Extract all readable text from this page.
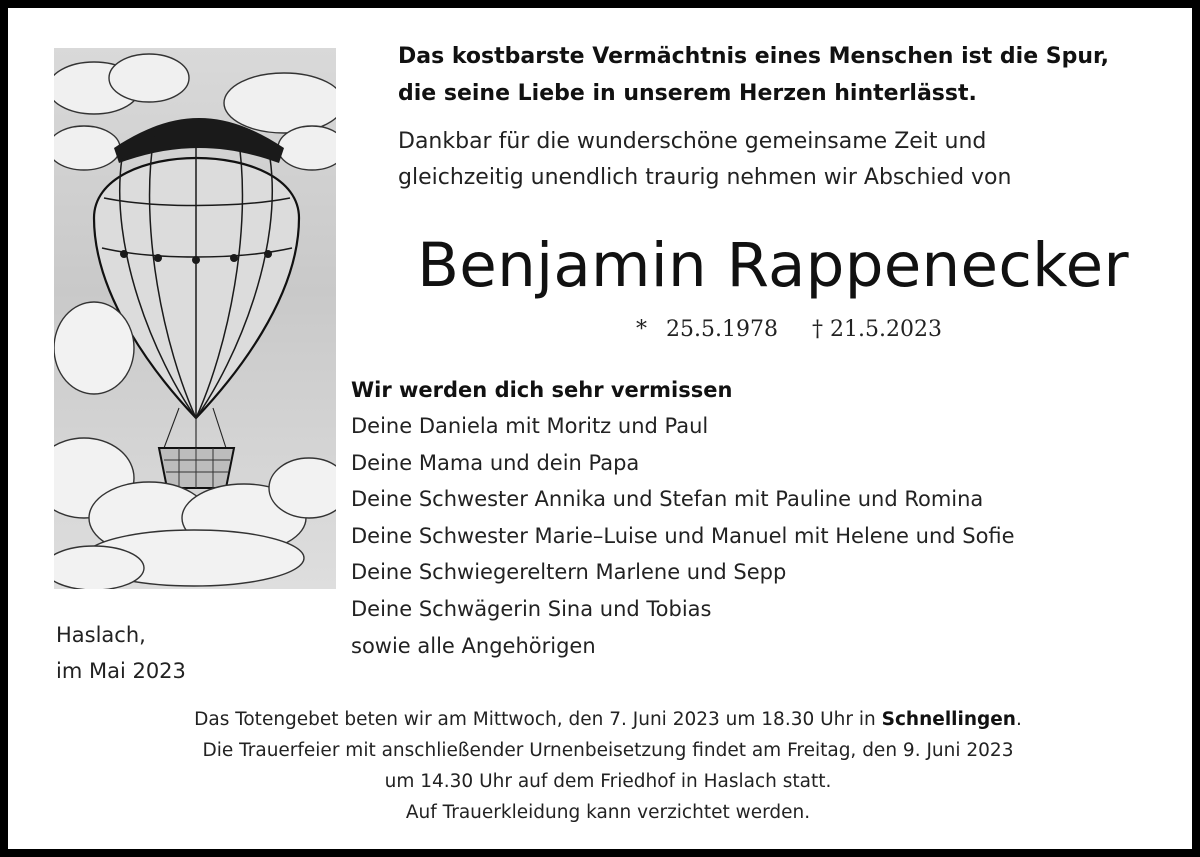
Das kostbarste Vermächtnis eines Menschen ist die Spur,
die seine Liebe in unserem Herzen hinterlässt.
Dankbar für die wunderschöne gemeinsame Zeit und
gleichzeitig unendlich traurig nehmen wir Abschied von
Benjamin Rappenecker
* 25.5.1978 † 21.5.2023
Wir werden dich sehr vermissen
Deine Daniela mit Moritz und Paul
Deine Mama und dein Papa
Deine Schwester Annika und Stefan mit Pauline und Romina
Deine Schwester Marie–Luise und Manuel mit Helene und Sofie
Deine Schwiegereltern Marlene und Sepp
Deine Schwägerin Sina und Tobias
sowie alle Angehörigen
Haslach,
im Mai 2023
Das Totengebet beten wir am Mittwoch, den 7. Juni 2023 um 18.30 Uhr in Schnellingen.
Die Trauerfeier mit anschließender Urnenbeisetzung findet am Freitag, den 9. Juni 2023
um 14.30 Uhr auf dem Friedhof in Haslach statt.
Auf Trauerkleidung kann verzichtet werden.
